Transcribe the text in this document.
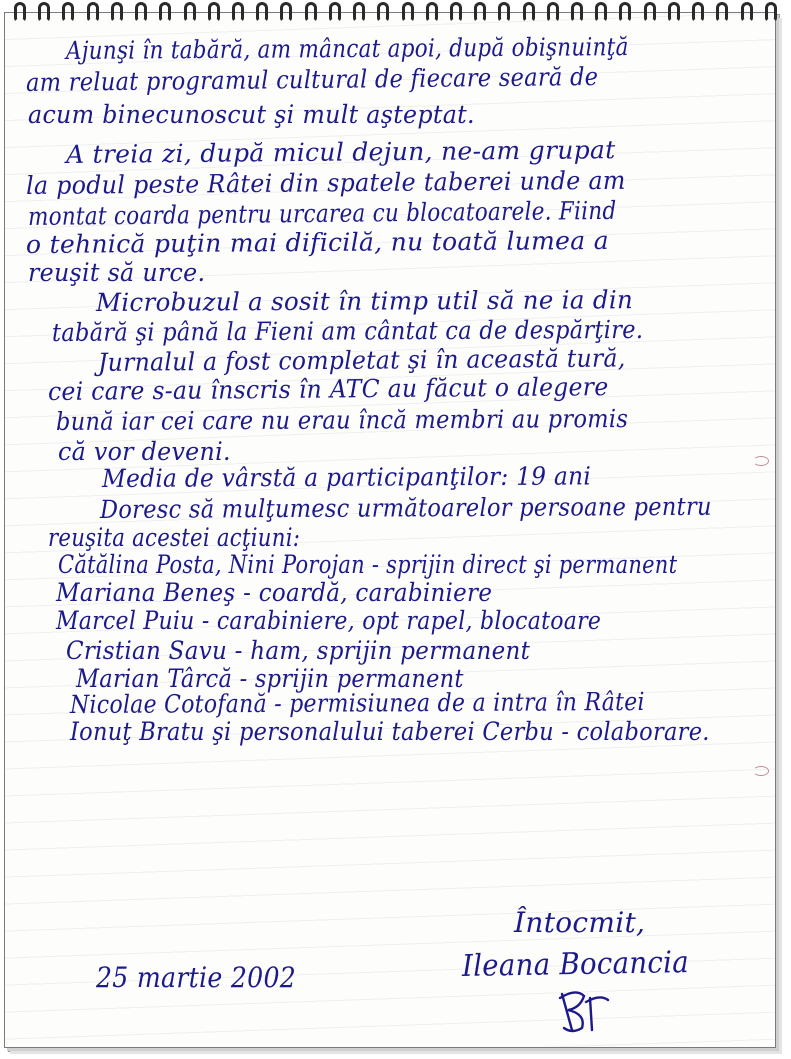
Ajunşi în tabără, am mâncat apoi, după obişnuinţă
am reluat programul cultural de fiecare seară de
acum binecunoscut şi mult aşteptat.
A treia zi, după micul dejun, ne-am grupat
la podul peste Râtei din spatele taberei unde am
montat coarda pentru urcarea cu blocatoarele. Fiind
o tehnică puţin mai dificilă, nu toată lumea a
reuşit să urce.
Microbuzul a sosit în timp util să ne ia din
tabără şi până la Fieni am cântat ca de despărţire.
Jurnalul a fost completat şi în această tură,
cei care s-au înscris în ATC au făcut o alegere
bună iar cei care nu erau încă membri au promis
că vor deveni.
Media de vârstă a participanţilor: 19 ani
Doresc să mulţumesc următoarelor persoane pentru
reuşita acestei acţiuni:
Cătălina Posta, Nini Porojan - sprijin direct şi permanent
Mariana Beneş - coardă, carabiniere
Marcel Puiu - carabiniere, opt rapel, blocatoare
Cristian Savu - ham, sprijin permanent
Marian Târcă - sprijin permanent
Nicolae Cotofană - permisiunea de a intra în Râtei
Ionuţ Bratu şi personalului taberei Cerbu - colaborare.
25 martie 2002
Întocmit,
Ileana Bocancia
